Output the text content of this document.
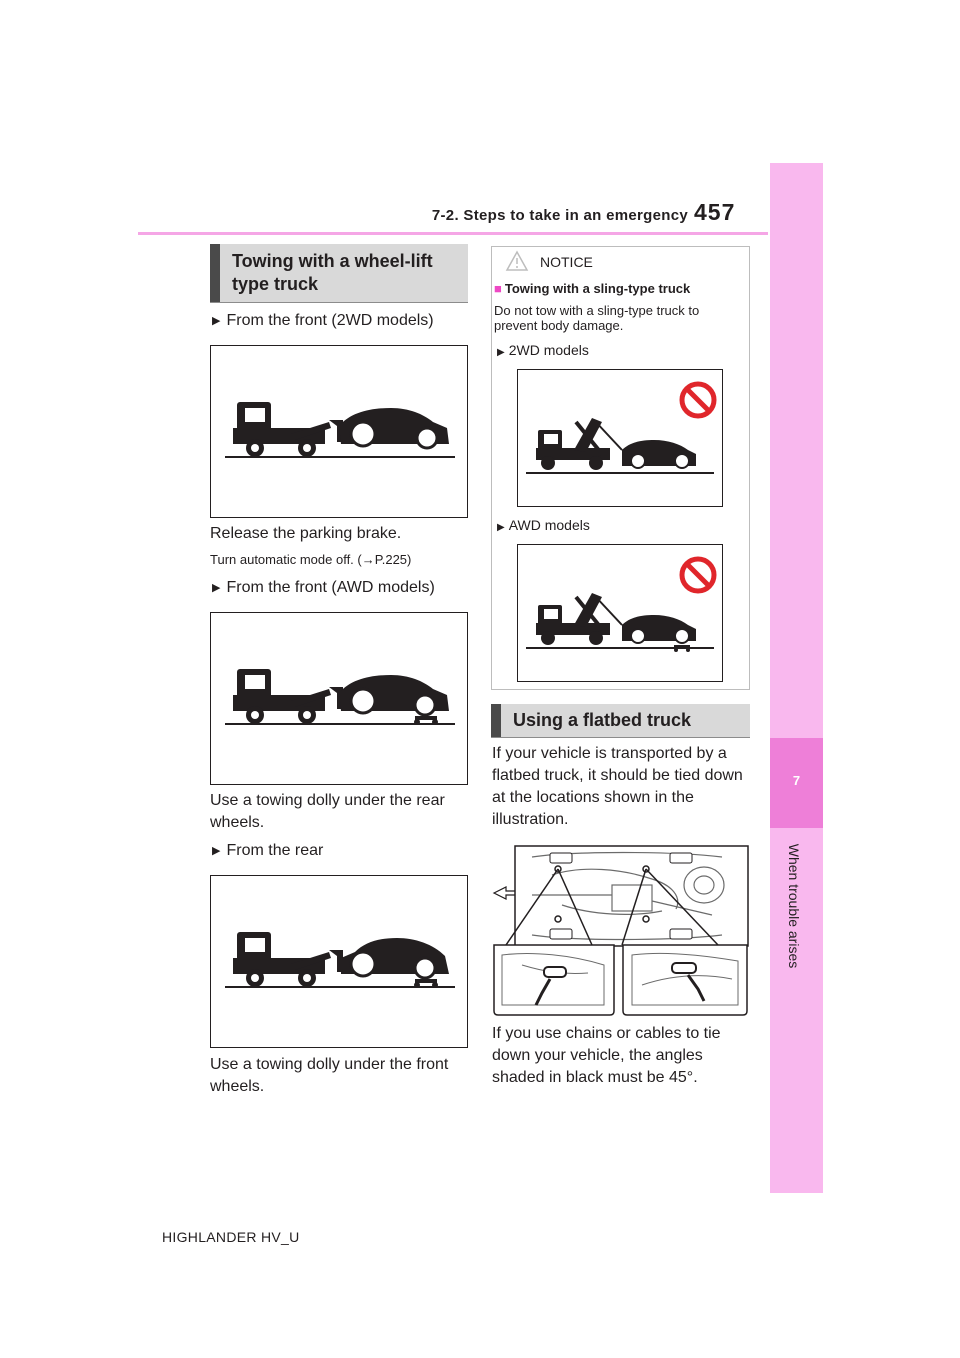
7-2. Steps to take in an emergency 457
7
When trouble arises
Towing with a wheel-lift type truck
▶ From the front (2WD models)
Release the parking brake.
Turn automatic mode off. (→P.225)
▶ From the front (AWD models)
Use a towing dolly under the rear wheels.
▶ From the rear
Use a towing dolly under the front wheels.
NOTICE
■ Towing with a sling-type truck
Do not tow with a sling-type truck to prevent body damage.
▶ 2WD models
▶ AWD models
Using a flatbed truck
If your vehicle is transported by a flatbed truck, it should be tied down at the locations shown in the illustration.
If you use chains or cables to tie down your vehicle, the angles shaded in black must be 45°.
HIGHLANDER HV_U
